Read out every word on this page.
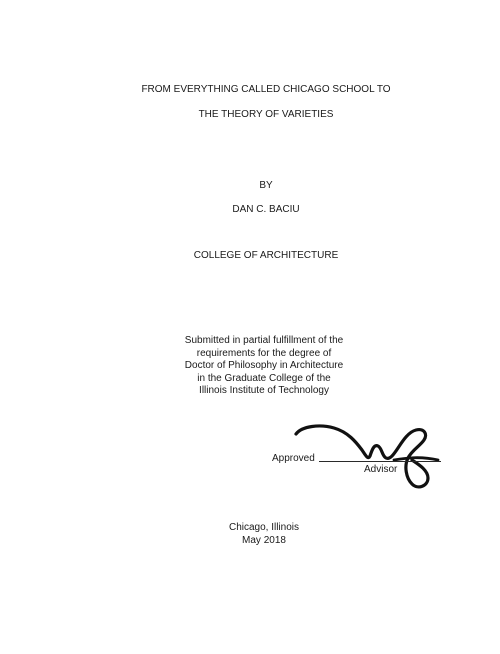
FROM EVERYTHING CALLED CHICAGO SCHOOL TO
THE THEORY OF VARIETIES
BY
DAN C. BACIU
COLLEGE OF ARCHITECTURE
Submitted in partial fulfillment of the
requirements for the degree of
Doctor of Philosophy in Architecture
in the Graduate College of the
Illinois Institute of Technology
Approved
Advisor
Chicago, Illinois
May 2018
